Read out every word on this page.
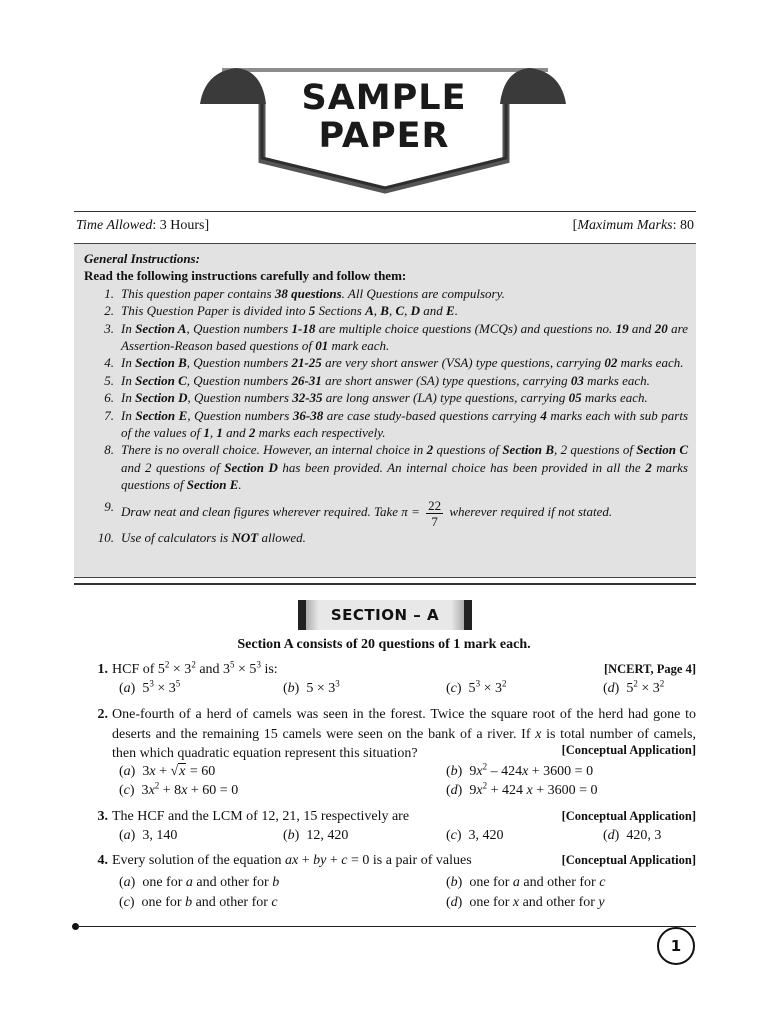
SAMPLE
PAPER
Time Allowed: 3 Hours]	[Maximum Marks: 80
General Instructions:
Read the following instructions carefully and follow them:
1. This question paper contains 38 questions. All Questions are compulsory.
2. This Question Paper is divided into 5 Sections A, B, C, D and E.
3. In Section A, Question numbers 1-18 are multiple choice questions (MCQs) and questions no. 19 and 20 are Assertion-Reason based questions of 01 mark each.
4. In Section B, Question numbers 21-25 are very short answer (VSA) type questions, carrying 02 marks each.
5. In Section C, Question numbers 26-31 are short answer (SA) type questions, carrying 03 marks each.
6. In Section D, Question numbers 32-35 are long answer (LA) type questions, carrying 05 marks each.
7. In Section E, Question numbers 36-38 are case study-based questions carrying 4 marks each with sub parts of the values of 1, 1 and 2 marks each respectively.
8. There is no overall choice. However, an internal choice in 2 questions of Section B, 2 questions of Section C and 2 questions of Section D has been provided. An internal choice has been provided in all the 2 marks questions of Section E.
9. Draw neat and clean figures wherever required. Take $\pi = \frac{22}{7}$ wherever required if not stated.
10. Use of calculators is NOT allowed.
SECTION – A
Section A consists of 20 questions of 1 mark each.
1.	[NCERT, Page 4]
HCF of $5^2 \times 3^2$ and $3^5 \times 5^3$ is:
(a)  $5^3 \times 3^5$	(b)  $5 \times 3^3$	(c)  $5^3 \times 3^2$	(d)  $5^2 \times 3^2$
2. One-fourth of a herd of camels was seen in the forest. Twice the square root of the herd had gone to deserts and the remaining 15 camels were seen on the bank of a river. If x is total number of camels, then which quadratic equation represent this situation?	[Conceptual Application]
(a)  3x + √x = 60	(b)  $9x^2 - 424x + 3600 = 0$
(c)  $3x^2 + 8x + 60 = 0$	(d)  $9x^2 + 424$ x + 3600 = 0
3.	[Conceptual Application]
The HCF and the LCM of 12, 21, 15 respectively are
(a)  3, 140	(b)  12, 420	(c)  3, 420	(d)  420, 3
4.	[Conceptual Application]
Every solution of the equation ax + by + c = 0 is a pair of values
(a)  one for a and other for b	(b)  one for a and other for c
(c)  one for b and other for c	(d)  one for x and other for y
1
